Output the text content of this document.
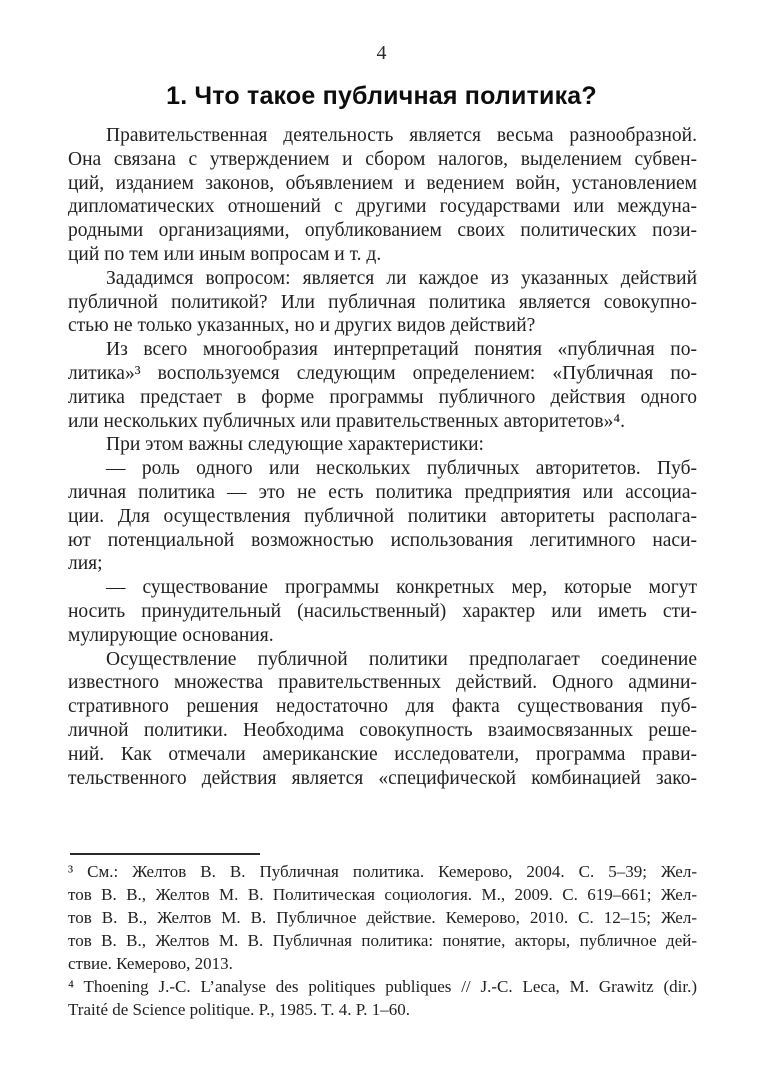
4
1. Что такое публичная политика?
Правительственная деятельность является весьма разнообразной.
Она связана с утверждением и сбором налогов, выделением субвен-
ций, изданием законов, объявлением и ведением войн, установлением
дипломатических отношений с другими государствами или междуна-
родными организациями, опубликованием своих политических пози-
ций по тем или иным вопросам и т. д.
Зададимся вопросом: является ли каждое из указанных действий
публичной политикой? Или публичная политика является совокупно-
стью не только указанных, но и других видов действий?
Из всего многообразия интерпретаций понятия «публичная по-
литика»³ воспользуемся следующим определением: «Публичная по-
литика предстает в форме программы публичного действия одного
или нескольких публичных или правительственных авторитетов»⁴.
При этом важны следующие характеристики:
— роль одного или нескольких публичных авторитетов. Пуб-
личная политика — это не есть политика предприятия или ассоциа-
ции. Для осуществления публичной политики авторитеты располага-
ют потенциальной возможностью использования легитимного наси-
лия;
— существование программы конкретных мер, которые могут
носить принудительный (насильственный) характер или иметь сти-
мулирующие основания.
Осуществление публичной политики предполагает соединение
известного множества правительственных действий. Одного админи-
стративного решения недостаточно для факта существования пуб-
личной политики. Необходима совокупность взаимосвязанных реше-
ний. Как отмечали американские исследователи, программа прави-
тельственного действия является «специфической комбинацией зако-
³ См.: Желтов В. В. Публичная политика. Кемерово, 2004. С. 5–39; Жел-
тов В. В., Желтов М. В. Политическая социология. М., 2009. С. 619–661; Жел-
тов В. В., Желтов М. В. Публичное действие. Кемерово, 2010. С. 12–15; Жел-
тов В. В., Желтов М. В. Публичная политика: понятие, акторы, публичное дей-
ствие. Кемерово, 2013.
⁴ Thoening J.-C. L’analyse des politiques publiques // J.-C. Leca, M. Grawitz (dir.)
Traité de Science politique. P., 1985. T. 4. P. 1–60.
